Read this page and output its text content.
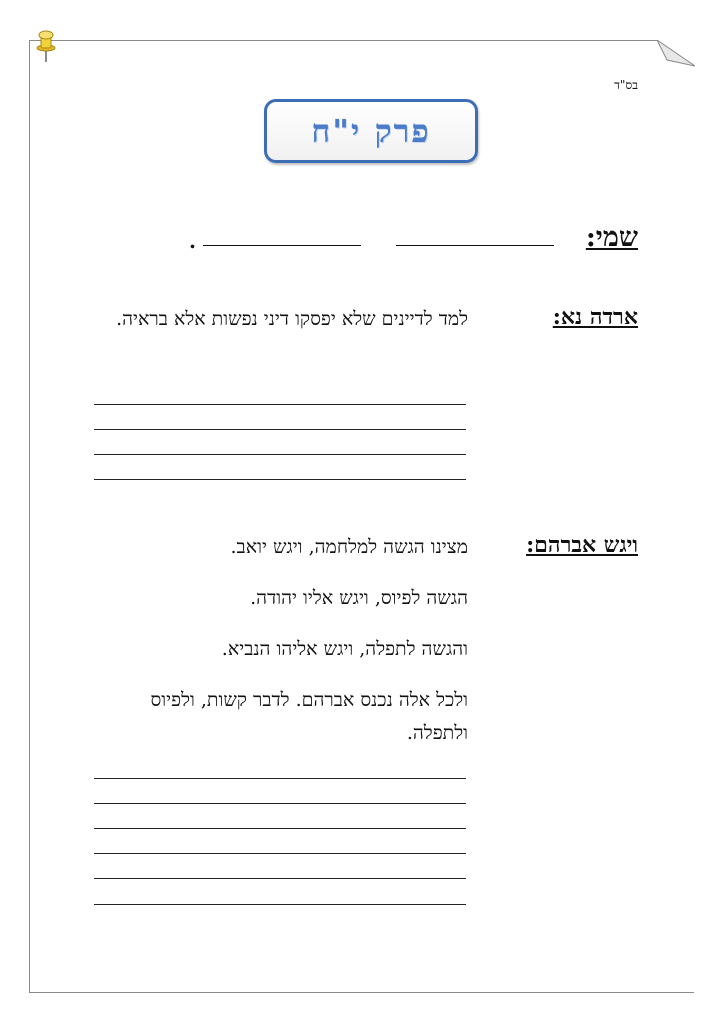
בס"ד
פרק י"ח
שמי:
.
ארדה נא:

למד לדיינים שלא יפסקו דיני נפשות אלא בראיה.

ויגש אברהם:

מצינו הגשה למלחמה, ויגש יואב.

הגשה לפיוס, ויגש אליו יהודה.

והגשה לתפלה, ויגש אליהו הנביא.

ולכל אלה נכנס אברהם. לדבר קשות, ולפיוס ולתפלה.
